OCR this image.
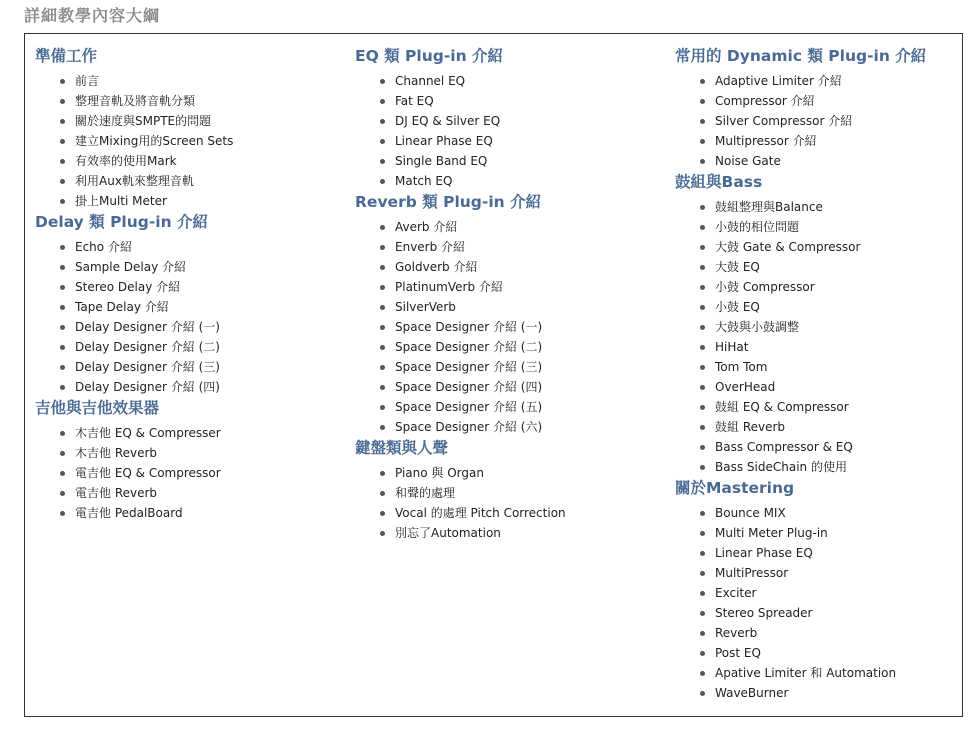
詳細教學內容大綱
準備工作
前言
整理音軌及將音軌分類
關於速度與SMPTE的問題
建立Mixing用的Screen Sets
有效率的使用Mark
利用Aux軌來整理音軌
掛上Multi Meter
Delay 類 Plug-in 介紹
Echo 介紹
Sample Delay 介紹
Stereo Delay 介紹
Tape Delay 介紹
Delay Designer 介紹 (一)
Delay Designer 介紹 (二)
Delay Designer 介紹 (三)
Delay Designer 介紹 (四)
吉他與吉他效果器
木吉他 EQ & Compresser
木吉他 Reverb
電吉他 EQ & Compressor
電吉他 Reverb
電吉他 PedalBoard
EQ 類 Plug-in 介紹
Channel EQ
Fat EQ
DJ EQ & Silver EQ
Linear Phase EQ
Single Band EQ
Match EQ
Reverb 類 Plug-in 介紹
Averb 介紹
Enverb 介紹
Goldverb 介紹
PlatinumVerb 介紹
SilverVerb
Space Designer 介紹 (一)
Space Designer 介紹 (二)
Space Designer 介紹 (三)
Space Designer 介紹 (四)
Space Designer 介紹 (五)
Space Designer 介紹 (六)
鍵盤類與人聲
Piano 與 Organ
和聲的處理
Vocal 的處理 Pitch Correction
別忘了Automation
常用的 Dynamic 類 Plug-in 介紹
Adaptive Limiter 介紹
Compressor 介紹
Silver Compressor 介紹
Multipressor 介紹
Noise Gate
鼓組與Bass
鼓組整理與Balance
小鼓的相位問題
大鼓 Gate & Compressor
大鼓 EQ
小鼓 Compressor
小鼓 EQ
大鼓與小鼓調整
HiHat
Tom Tom
OverHead
鼓組 EQ & Compressor
鼓組 Reverb
Bass Compressor & EQ
Bass SideChain 的使用
關於Mastering
Bounce MIX
Multi Meter Plug-in
Linear Phase EQ
MultiPressor
Exciter
Stereo Spreader
Reverb
Post EQ
Apative Limiter 和 Automation
WaveBurner
